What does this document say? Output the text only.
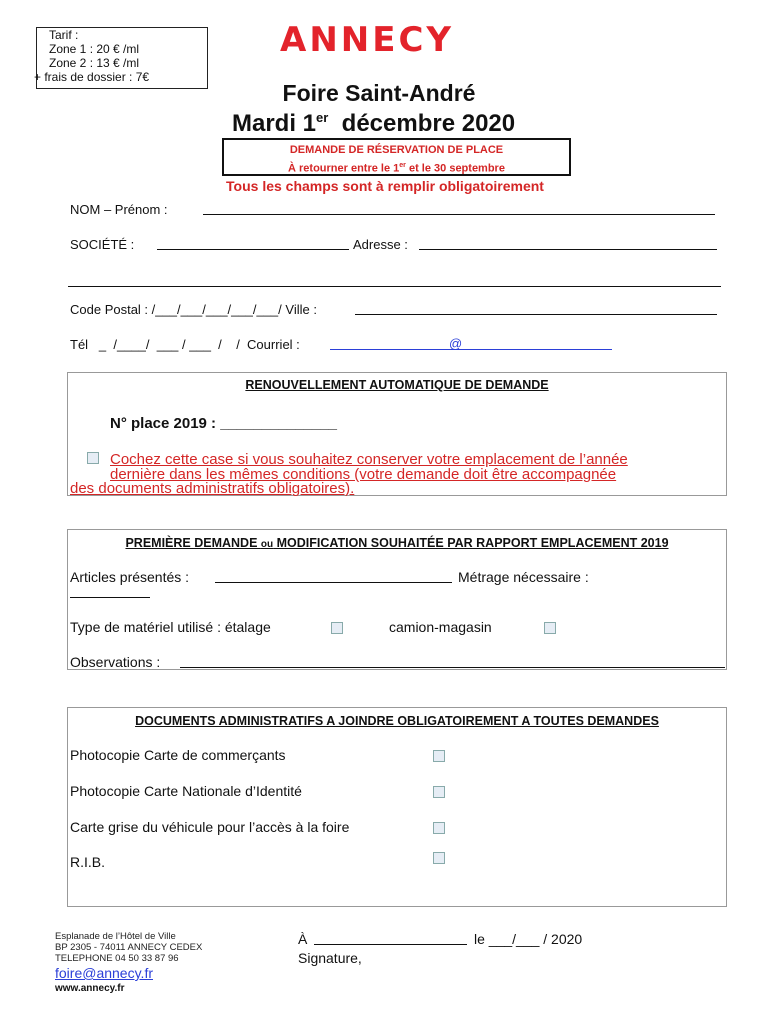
Tarif :
Zone 1 : 20 € /ml
Zone 2 : 13 € /ml
+ frais de dossier : 7€
ANNECY
Foire Saint-André
Mardi 1er  décembre 2020
DEMANDE DE RÉSERVATION DE PLACE
À retourner entre le 1er et le 30 septembre
Tous les champs sont à remplir obligatoirement
NOM – Prénom :
SOCIÉTÉ :	Adresse :
Code Postal : /___/___/___/___/___/ Ville :
Tél   _  /____/  ___ / ___  /    /  Courriel :	@
RENOUVELLEMENT AUTOMATIQUE DE DEMANDE
N° place 2019 : ______________
Cochez cette case si vous souhaitez conserver votre emplacement de l’année
dernière dans les mêmes conditions (votre demande doit être accompagnée
des documents administratifs obligatoires).
PREMIÈRE DEMANDE ou MODIFICATION SOUHAITÉE PAR RAPPORT EMPLACEMENT 2019
Articles présentés :	Métrage nécessaire :
Type de matériel utilisé : étalage	camion-magasin
Observations :
DOCUMENTS ADMINISTRATIFS A JOINDRE OBLIGATOIREMENT A TOUTES DEMANDES
Photocopie Carte de commerçants
Photocopie Carte Nationale d’Identité
Carte grise du véhicule pour l’accès à la foire
R.I.B.
Esplanade de l’Hôtel de Ville
BP 2305 - 74011 ANNECY CEDEX
TELEPHONE 04 50 33 87 96
foire@annecy.fr
www.annecy.fr
À	le ___/___ / 2020
Signature,
